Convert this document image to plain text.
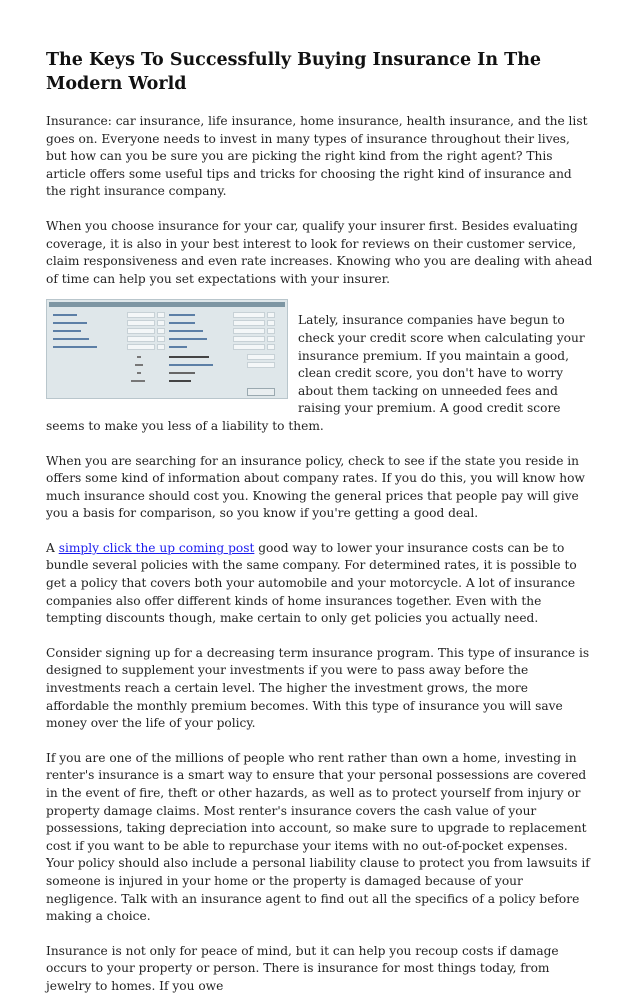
The Keys To Successfully Buying Insurance In The Modern World

Insurance: car insurance, life insurance, home insurance, health insurance, and the list goes on. Everyone needs to invest in many types of insurance throughout their lives, but how can you be sure you are picking the right kind from the right agent? This article offers some useful tips and tricks for choosing the right kind of insurance and the right insurance company.

When you choose insurance for your car, qualify your insurer first. Besides evaluating coverage, it is also in your best interest to look for reviews on their customer service, claim responsiveness and even rate increases. Knowing who you are dealing with ahead of time can help you set expectations with your insurer.

Lately, insurance companies have begun to check your credit score when calculating your insurance premium. If you maintain a good, clean credit score, you don't have to worry about them tacking on unneeded fees and raising your premium. A good credit score seems to make you less of a liability to them.

When you are searching for an insurance policy, check to see if the state you reside in offers some kind of information about company rates. If you do this, you will know how much insurance should cost you. Knowing the general prices that people pay will give you a basis for comparison, so you know if you're getting a good deal.

A simply click the up coming post good way to lower your insurance costs can be to bundle several policies with the same company. For determined rates, it is possible to get a policy that covers both your automobile and your motorcycle. A lot of insurance companies also offer different kinds of home insurances together. Even with the tempting discounts though, make certain to only get policies you actually need.

Consider signing up for a decreasing term insurance program. This type of insurance is designed to supplement your investments if you were to pass away before the investments reach a certain level. The higher the investment grows, the more affordable the monthly premium becomes. With this type of insurance you will save money over the life of your policy.

If you are one of the millions of people who rent rather than own a home, investing in renter's insurance is a smart way to ensure that your personal possessions are covered in the event of fire, theft or other hazards, as well as to protect yourself from injury or property damage claims. Most renter's insurance covers the cash value of your possessions, taking depreciation into account, so make sure to upgrade to replacement cost if you want to be able to repurchase your items with no out-of-pocket expenses. Your policy should also include a personal liability clause to protect you from lawsuits if someone is injured in your home or the property is damaged because of your negligence. Talk with an insurance agent to find out all the specifics of a policy before making a choice.

Insurance is not only for peace of mind, but it can help you recoup costs if damage occurs to your property or person. There is insurance for most things today, from jewelry to homes. If you owe
